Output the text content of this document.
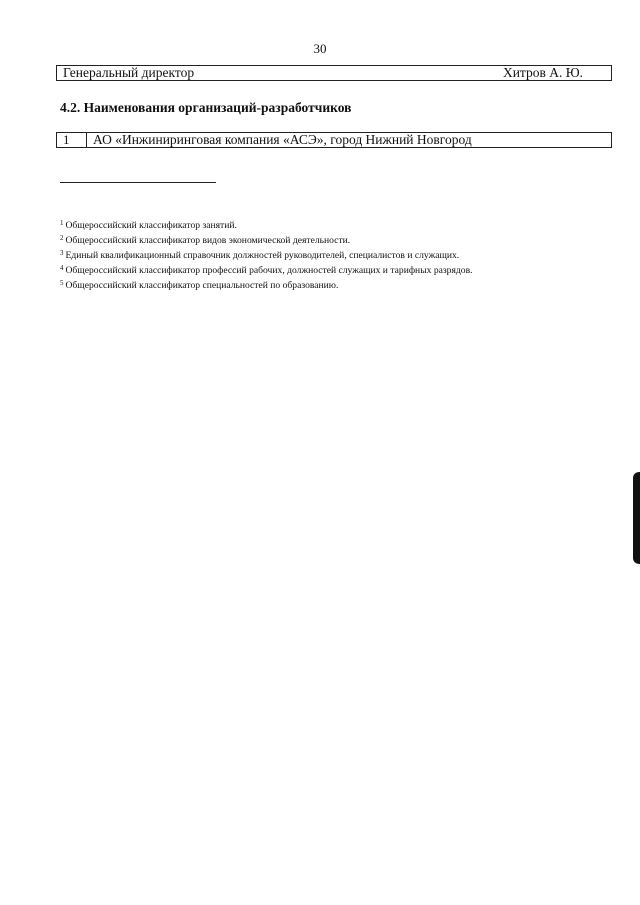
30
Генеральный директор	Хитров А. Ю.
4.2. Наименования организаций-разработчиков
1	АО «Инжиниринговая компания «АСЭ», город Нижний Новгород
$^1$ Общероссийский классификатор занятий.
$^2$ Общероссийский классификатор видов экономической деятельности.
$^3$ Единый квалификационный справочник должностей руководителей, специалистов и служащих.
$^4$ Общероссийский классификатор профессий рабочих, должностей служащих и тарифных разрядов.
$^5$ Общероссийский классификатор специальностей по образованию.
